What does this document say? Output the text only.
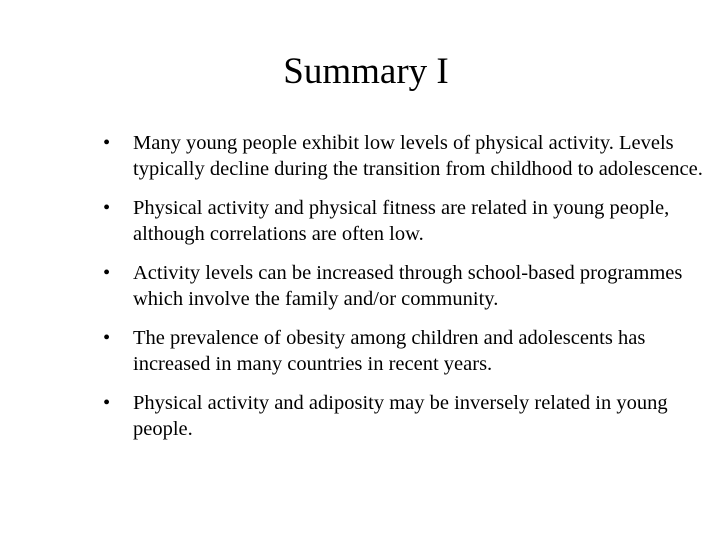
Summary I
•	Many young people exhibit low levels of physical activity. Levels typically decline during the transition from childhood to adolescence.
•	Physical activity and physical fitness are related in young people, although correlations are often low.
•	Activity levels can be increased through school-based programmes which involve the family and/or community.
•	The prevalence of obesity among children and adolescents has increased in many countries in recent years.
•	Physical activity and adiposity may be inversely related in young people.
